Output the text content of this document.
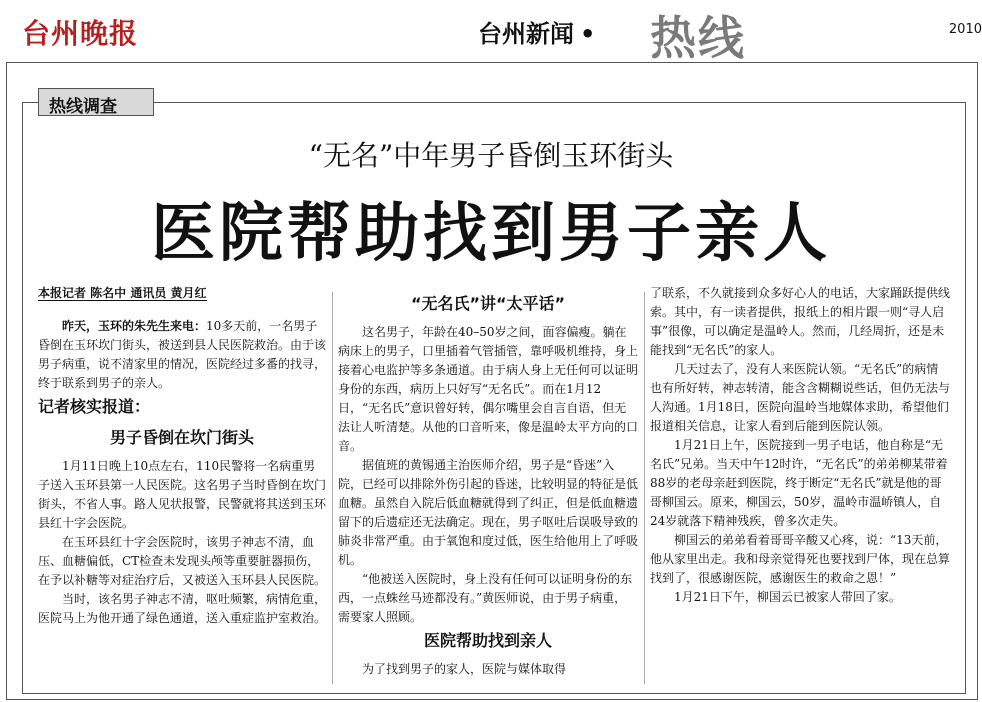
台州晚报	台州新闻 • 热线	2010
热线调查
“无名”中年男子昏倒玉环街头
医院帮助找到男子亲人
本报记者 陈名中 通讯员 黄月红

昨天，玉环的朱先生来电：10多天前，一名男子昏倒在玉环坎门街头，被送到县人民医院救治。由于该男子病重，说不清家里的情况，医院经过多番的找寻，终于联系到男子的亲人。

记者核实报道：
男子昏倒在坎门街头

1月11日晚上10点左右，110民警将一名病重男子送入玉环县第一人民医院。这名男子当时昏倒在坎门街头，不省人事。路人见状报警，民警就将其送到玉环县红十字会医院。

在玉环县红十字会医院时，该男子神志不清，血压、血糖偏低，CT检查未发现头颅等重要脏器损伤，在予以补糖等对症治疗后，又被送入玉环县人民医院。

当时，该名男子神志不清，呕吐频繁，病情危重，医院马上为他开通了绿色通道，送入重症监护室救治。

“无名氏”讲“太平话”

这名男子，年龄在40–50岁之间，面容偏瘦。躺在病床上的男子，口里插着气管插管，靠呼吸机维持，身上接着心电监护等多条通道。由于病人身上无任何可以证明身份的东西，病历上只好写“无名氏”。而在1月12日，“无名氏”意识曾好转，偶尔嘴里会自言自语，但无法让人听清楚。从他的口音听来，像是温岭太平方向的口音。

据值班的黄锡通主治医师介绍，男子是“昏迷”入院，已经可以排除外伤引起的昏迷，比较明显的特征是低血糖。虽然自入院后低血糖就得到了纠正，但是低血糖遗留下的后遗症还无法确定。现在，男子呕吐后误吸导致的肺炎非常严重。由于氧饱和度过低，医生给他用上了呼吸机。

“他被送入医院时，身上没有任何可以证明身份的东西，一点蛛丝马迹都没有。”黄医师说，由于男子病重，需要家人照顾。

医院帮助找到亲人

为了找到男子的家人，医院与媒体取得

了联系，不久就接到众多好心人的电话，大家踊跃提供线索。其中，有一读者提供，报纸上的相片跟一则“寻人启事”很像，可以确定是温岭人。然而，几经周折，还是未能找到“无名氏”的家人。

几天过去了，没有人来医院认领。“无名氏”的病情也有所好转，神志转清，能含含糊糊说些话，但仍无法与人沟通。1月18日，医院向温岭当地媒体求助，希望他们报道相关信息，让家人看到后能到医院认领。

1月21日上午，医院接到一男子电话，他自称是“无名氏”兄弟。当天中午12时许，“无名氏”的弟弟柳某带着88岁的老母亲赶到医院，终于断定“无名氏”就是他的哥哥柳国云。原来，柳国云，50岁，温岭市温峤镇人，自24岁就落下精神残疾，曾多次走失。

柳国云的弟弟看着哥哥辛酸又心疼，说：“13天前，他从家里出走。我和母亲觉得死也要找到尸体，现在总算找到了，很感谢医院，感谢医生的救命之恩！”

1月21日下午，柳国云已被家人带回了家。
